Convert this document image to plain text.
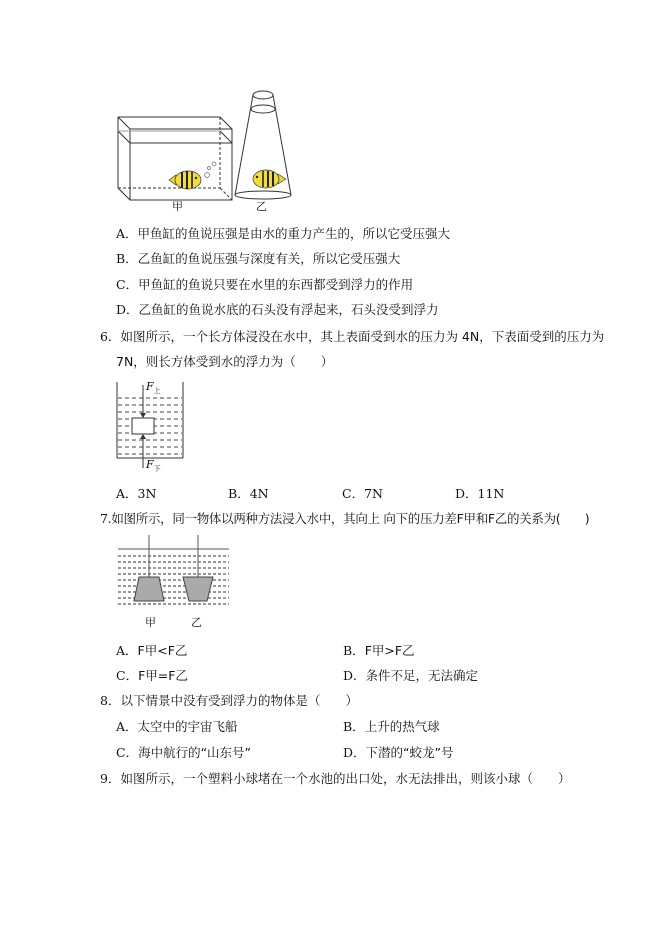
甲	乙
A．甲鱼缸的鱼说压强是由水的重力产生的，所以它受压强大
B．乙鱼缸的鱼说压强与深度有关，所以它受压强大
C．甲鱼缸的鱼说只要在水里的东西都受到浮力的作用
D．乙鱼缸的鱼说水底的石头没有浮起来，石头没受到浮力
6．如图所示，一个长方体浸没在水中，其上表面受到水的压力为 4N，下表面受到的压力为
7N，则长方体受到水的浮力为（　　）
$F_上$
$F_下$
A．3N	B．4N	C．7N	D．11N
7.如图所示，同一物体以两种方法浸入水中，其向上 向下的压力差F甲和F乙的关系为(　　)
甲	乙
A．F甲<F乙	B．F甲>F乙
C．F甲=F乙	D．条件不足，无法确定
8．以下情景中没有受到浮力的物体是（　　）
A．太空中的宇宙飞船	B．上升的热气球
C．海中航行的“山东号”	D．下潜的“蛟龙”号
9．如图所示，一个塑料小球堵在一个水池的出口处，水无法排出，则该小球（　　）
